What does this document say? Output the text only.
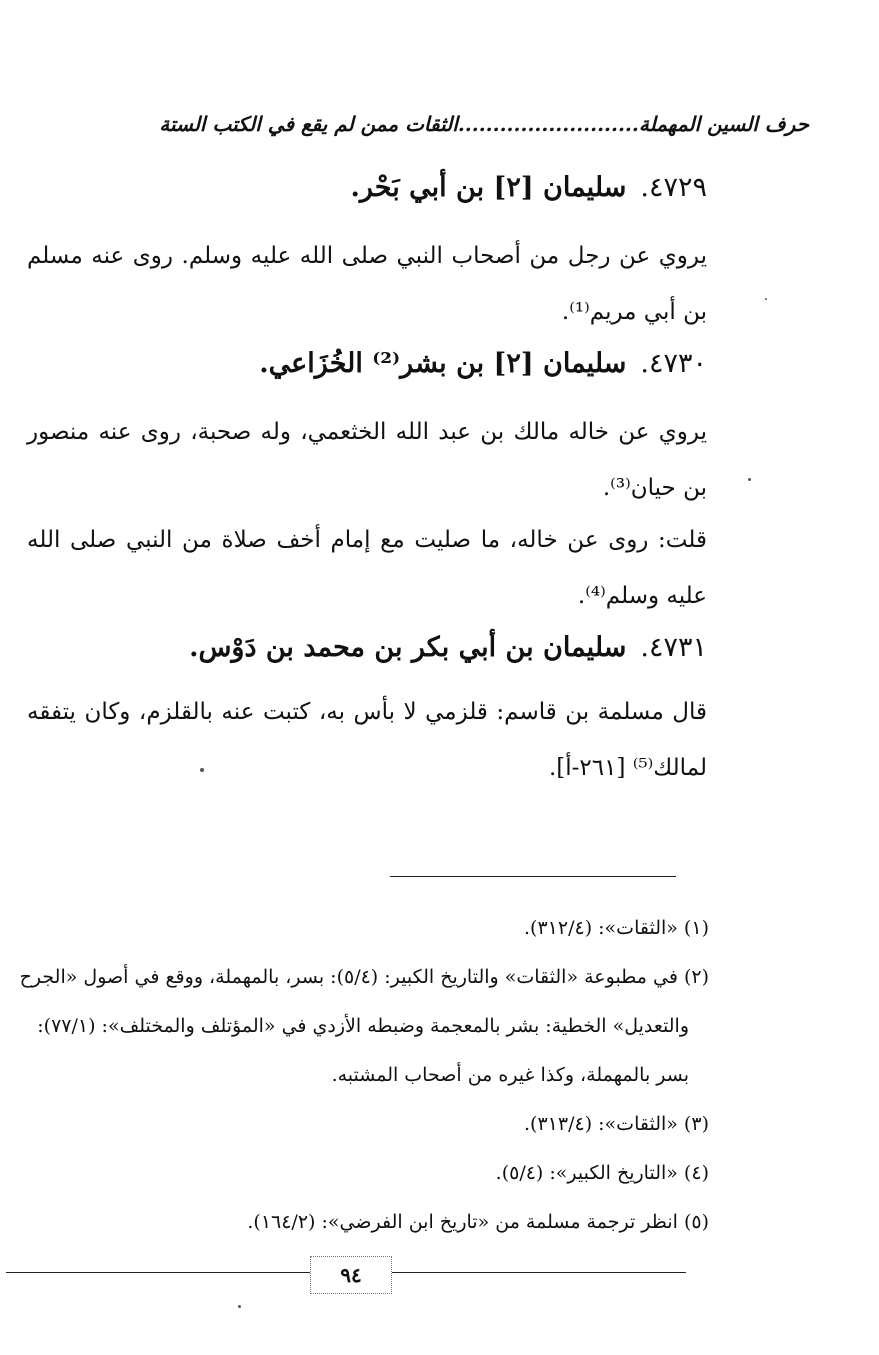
حرف السين المهملة..........................الثقات ممن لم يقع في الكتب الستة
٤٧٢٩.
سليمان [٢] بن أبي بَحْر.
يروي عن رجل من أصحاب النبي صلى الله عليه وسلم. روى عنه مسلم بن أبي مريم⁽¹⁾.
٤٧٣٠.
سليمان [٢] بن بشر⁽²⁾ الخُزَاعي.
يروي عن خاله مالك بن عبد الله الخثعمي، وله صحبة، روى عنه منصور بن حيان⁽³⁾.
قلت: روى عن خاله، ما صليت مع إمام أخف صلاة من النبي صلى الله عليه وسلم⁽⁴⁾.
٤٧٣١.
سليمان بن أبي بكر بن محمد بن دَوْس.
قال مسلمة بن قاسم: قلزمي لا بأس به، كتبت عنه بالقلزم، وكان يتفقه لمالك⁽⁵⁾ [٢٦١-أ].

(١) «الثقات»: (٣١٢/٤).

(٢) في مطبوعة «الثقات» والتاريخ الكبير: (٥/٤): بسر، بالمهملة، ووقع في أصول «الجرح

والتعديل» الخطية: بشر بالمعجمة وضبطه الأزدي في «المؤتلف والمختلف»: (٧٧/١):

بسر بالمهملة، وكذا غيره من أصحاب المشتبه.

(٣) «الثقات»: (٣١٣/٤).

(٤) «التاريخ الكبير»: (٥/٤).

(٥) انظر ترجمة مسلمة من «تاريخ ابن الفرضي»: (١٦٤/٢).

٩٤
